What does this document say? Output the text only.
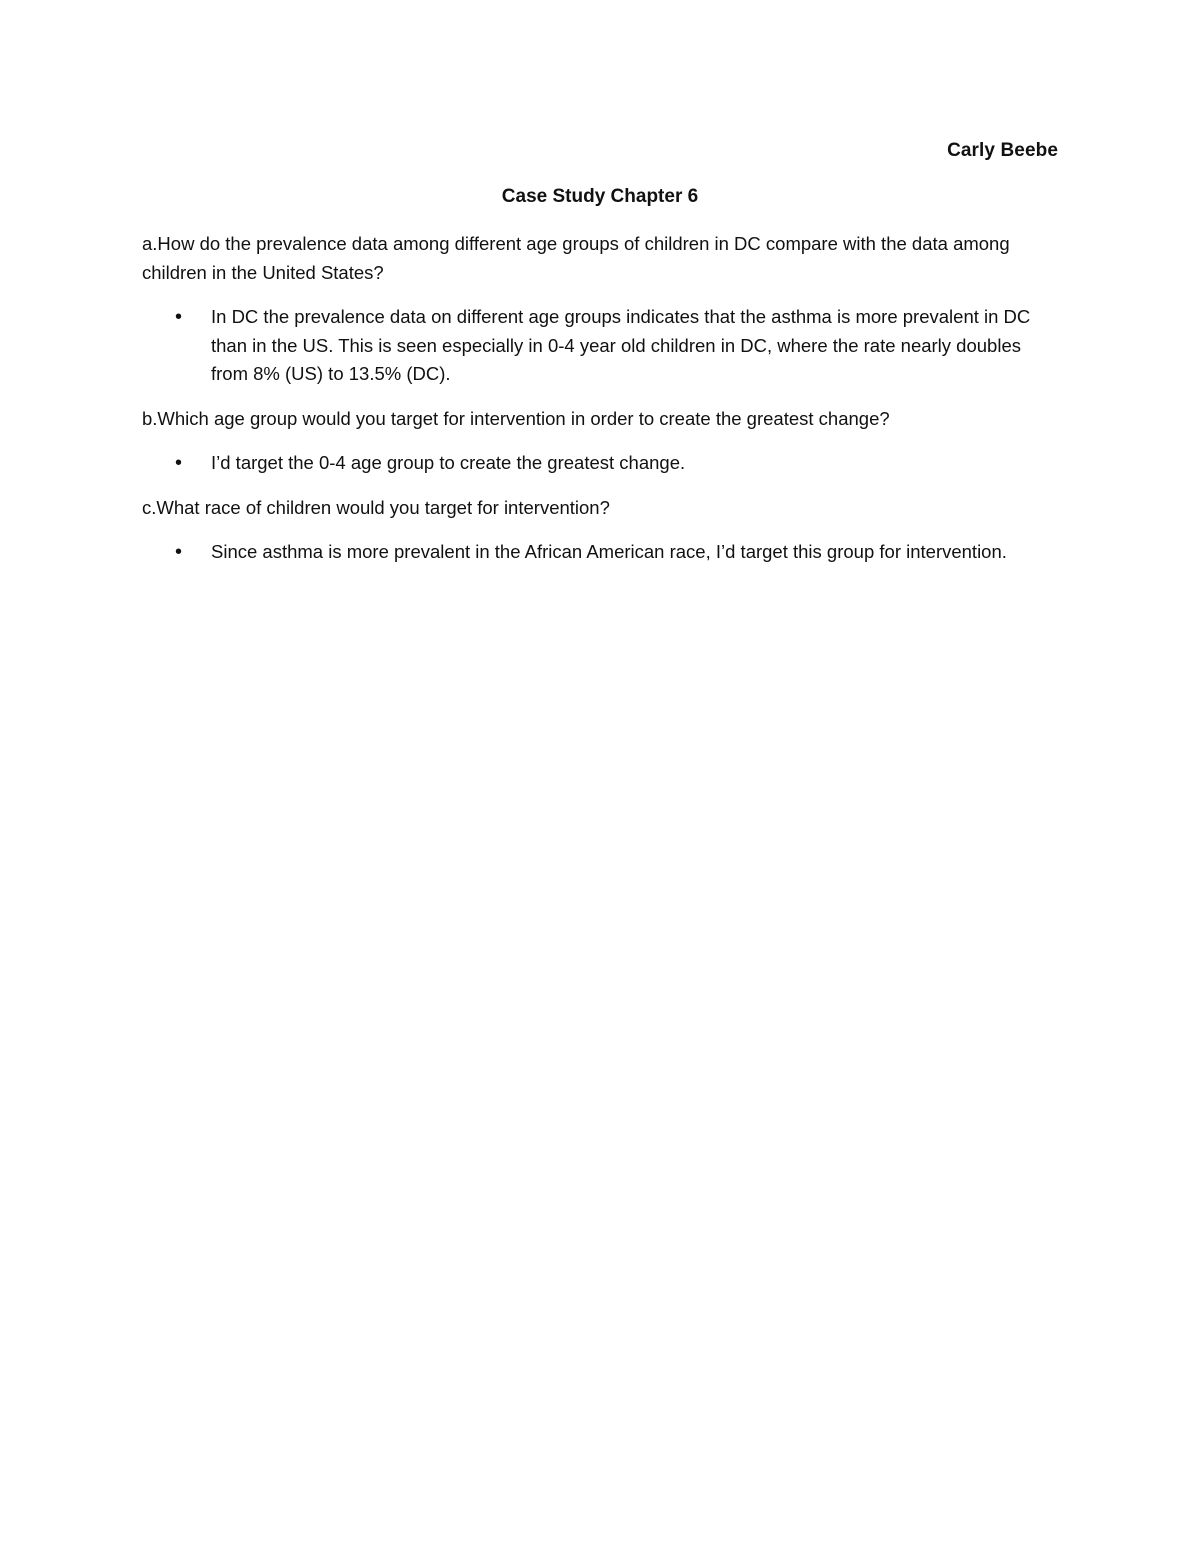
Carly Beebe
Case Study Chapter 6
a.How do the prevalence data among different age groups of children in DC compare with the data among children in the United States?
• In DC the prevalence data on different age groups indicates that the asthma is more prevalent in DC than in the US. This is seen especially in 0-4 year old children in DC, where the rate nearly doubles from 8% (US) to 13.5% (DC).
b.Which age group would you target for intervention in order to create the greatest change?
• I’d target the 0-4 age group to create the greatest change.
c.What race of children would you target for intervention?
• Since asthma is more prevalent in the African American race, I’d target this group for intervention.
